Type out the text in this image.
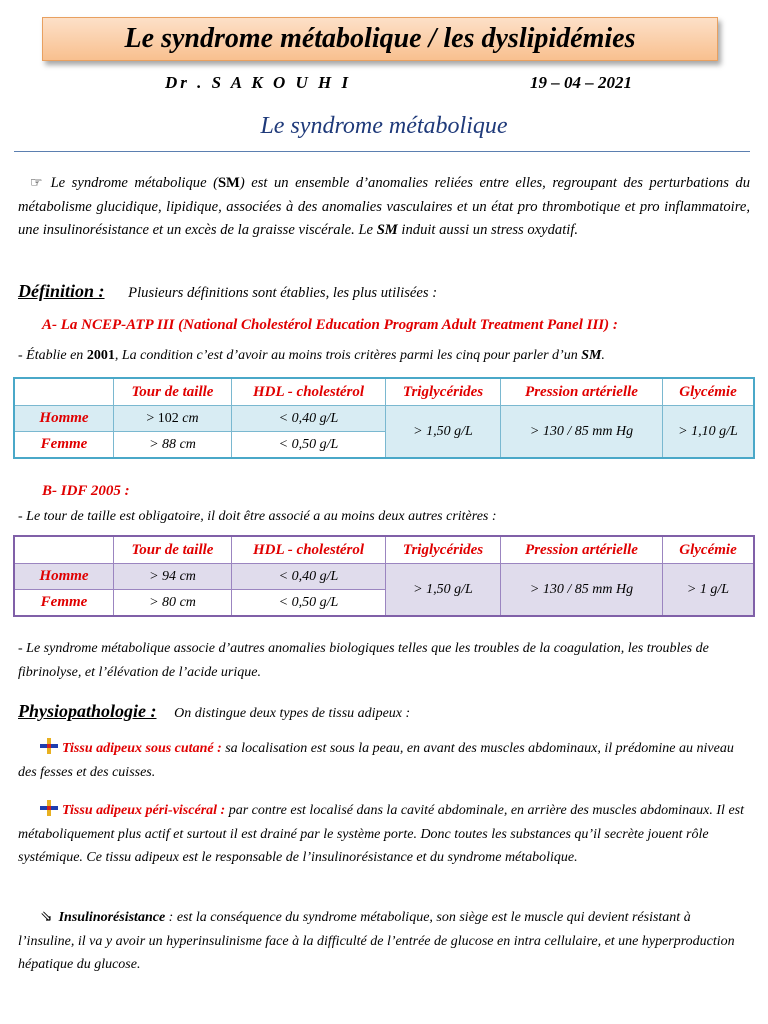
Le syndrome métabolique / les dyslipidémies
Dr . S A K O U H I	19 – 04 – 2021
Le syndrome métabolique
☞ Le syndrome métabolique (SM) est un ensemble d’anomalies reliées entre elles, regroupant des perturbations du métabolisme glucidique, lipidique, associées à des anomalies vasculaires et un état pro thrombotique et pro inflammatoire, une insulinorésistance et un excès de la graisse viscérale. Le SM induit aussi un stress oxydatif.
Définition : Plusieurs définitions sont établies, les plus utilisées :
A- La NCEP-ATP III (National Cholestérol Education Program Adult Treatment Panel III) :
- Établie en 2001, La condition c’est d’avoir au moins trois critères parmi les cinq pour parler d’un SM.
	Tour de taille	HDL - cholestérol	Triglycérides	Pression artérielle	Glycémie
Homme	> 102 cm	< 0,40 g/L	> 1,50 g/L	> 130 / 85 mm Hg	> 1,10 g/L
Femme	> 88 cm	< 0,50 g/L			
B- IDF 2005 :
- Le tour de taille est obligatoire, il doit être associé a au moins deux autres critères :
	Tour de taille	HDL - cholestérol	Triglycérides	Pression artérielle	Glycémie
Homme	> 94 cm	< 0,40 g/L	> 1,50 g/L	> 130 / 85 mm Hg	> 1 g/L
Femme	> 80 cm	< 0,50 g/L			
- Le syndrome métabolique associe d’autres anomalies biologiques telles que les troubles de la coagulation, les troubles de fibrinolyse, et l’élévation de l’acide urique.
Physiopathologie : On distingue deux types de tissu adipeux :
Tissu adipeux sous cutané : sa localisation est sous la peau, en avant des muscles abdominaux, il prédomine au niveau des fesses et des cuisses.
Tissu adipeux péri-viscéral : par contre est localisé dans la cavité abdominale, en arrière des muscles abdominaux. Il est métaboliquement plus actif et surtout il est drainé par le système porte. Donc toutes les substances qu’il secrète jouent rôle systémique. Ce tissu adipeux est le responsable de l’insulinorésistance et du syndrome métabolique.
⇘ Insulinorésistance : est la conséquence du syndrome métabolique, son siège est le muscle qui devient résistant à l’insuline, il va y avoir un hyperinsulinisme face à la difficulté de l’entrée de glucose en intra cellulaire, et une hyperproduction hépatique du glucose.
